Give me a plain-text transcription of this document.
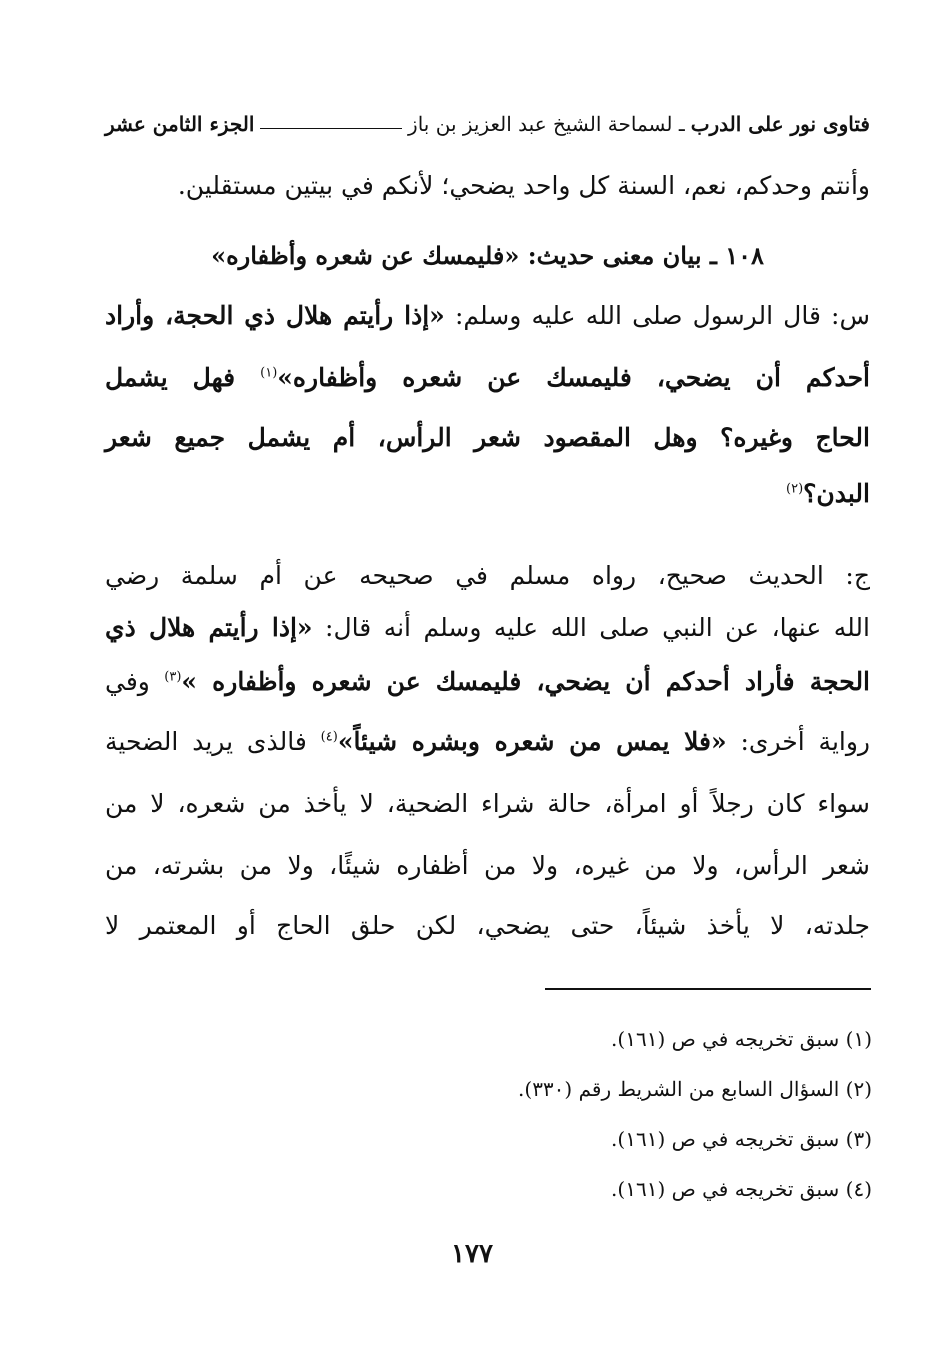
فتاوى نور على الدرب
ـ لسماحة الشيخ عبد العزيز بن باز
الجزء الثامن عشر
وأنتم وحدكم، نعم، السنة كل واحد يضحي؛ لأنكم في بيتين مستقلين.
١٠٨ ـ بيان معنى حديث: «فليمسك عن شعره وأظفاره»
س: قال الرسول صلى الله عليه وسلم: «إذا رأيتم هلال ذي الحجة، وأراد
أحدكم أن يضحي، فليمسك عن شعره وأظفاره»$^{(١)}$ فهل يشمل
الحاج وغيره؟ وهل المقصود شعر الرأس، أم يشمل جميع شعر
البدن؟$^{(٢)}$
ج: الحديث صحيح، رواه مسلم في صحيحه عن أم سلمة رضي
الله عنها، عن النبي صلى الله عليه وسلم أنه قال: «إذا رأيتم هلال ذي
الحجة فأراد أحدكم أن يضحي، فليمسك عن شعره وأظفاره »$^{(٣)}$ وفي
رواية أخرى: «فلا يمس من شعره وبشره شيئاً»$^{(٤)}$ فالذى يريد الضحية
سواء كان رجلاً أو امرأة، حالة شراء الضحية، لا يأخذ من شعره، لا من
شعر الرأس، ولا من غيره، ولا من أظفاره شيئًا، ولا من بشرته، من
جلدته، لا يأخذ شيئاً، حتى يضحي، لكن حلق الحاج أو المعتمر لا
(١) سبق تخريجه في ص (١٦١).
(٢) السؤال السابع من الشريط رقم (٣٣٠).
(٣) سبق تخريجه في ص (١٦١).
(٤) سبق تخريجه في ص (١٦١).
١٧٧
